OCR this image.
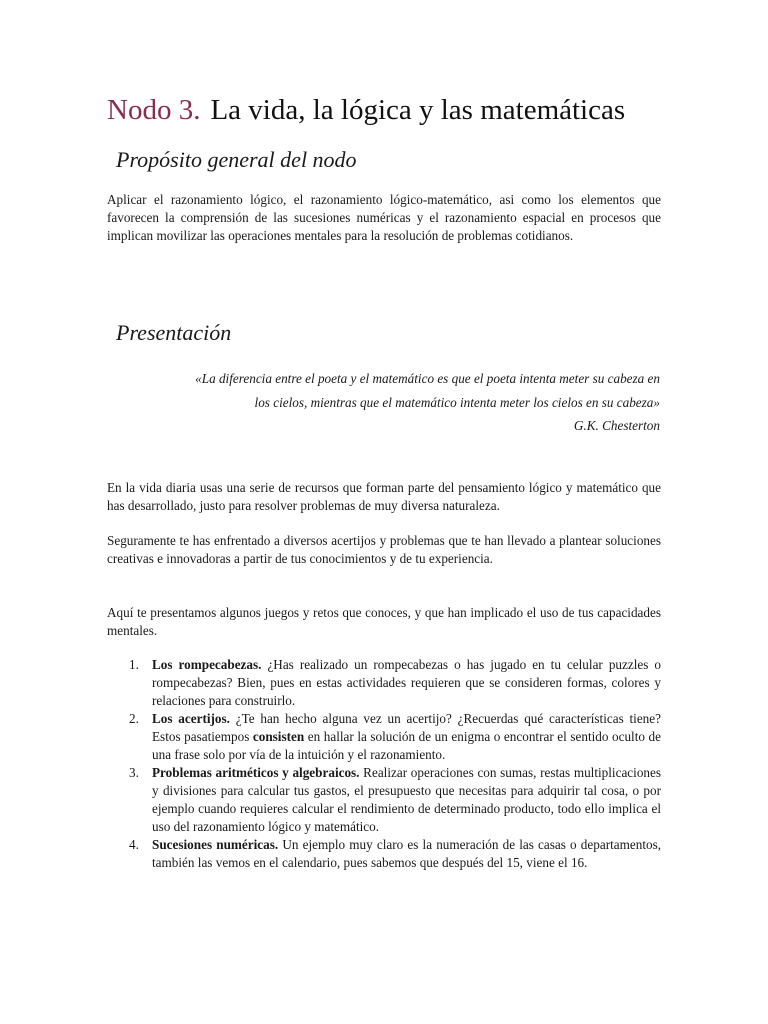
Nodo 3. La vida, la lógica y las matemáticas
Propósito general del nodo

Aplicar el razonamiento lógico, el razonamiento lógico-matemático, asi como los elementos que favorecen la comprensión de las sucesiones numéricas y el razonamiento espacial en procesos que implican movilizar las operaciones mentales para la resolución de problemas cotidianos.

Presentación

«La diferencia entre el poeta y el matemático es que el poeta intenta meter su cabeza en los cielos, mientras que el matemático intenta meter los cielos en su cabeza»
G.K. Chesterton

En la vida diaria usas una serie de recursos que forman parte del pensamiento lógico y matemático que has desarrollado, justo para resolver problemas de muy diversa naturaleza.

Seguramente te has enfrentado a diversos acertijos y problemas que te han llevado a plantear soluciones creativas e innovadoras a partir de tus conocimientos y de tu experiencia.

Aquí te presentamos algunos juegos y retos que conoces, y que han implicado el uso de tus capacidades mentales.

1. Los rompecabezas. ¿Has realizado un rompecabezas o has jugado en tu celular puzzles o rompecabezas? Bien, pues en estas actividades requieren que se consideren formas, colores y relaciones para construirlo.
2. Los acertijos. ¿Te han hecho alguna vez un acertijo? ¿Recuerdas qué características tiene? Estos pasatiempos consisten en hallar la solución de un enigma o encontrar el sentido oculto de una frase solo por vía de la intuición y el razonamiento.
3. Problemas aritméticos y algebraicos. Realizar operaciones con sumas, restas multiplicaciones y divisiones para calcular tus gastos, el presupuesto que necesitas para adquirir tal cosa, o por ejemplo cuando requieres calcular el rendimiento de determinado producto, todo ello implica el uso del razonamiento lógico y matemático.
4. Sucesiones numéricas. Un ejemplo muy claro es la numeración de las casas o departamentos, también las vemos en el calendario, pues sabemos que después del 15, viene el 16.
